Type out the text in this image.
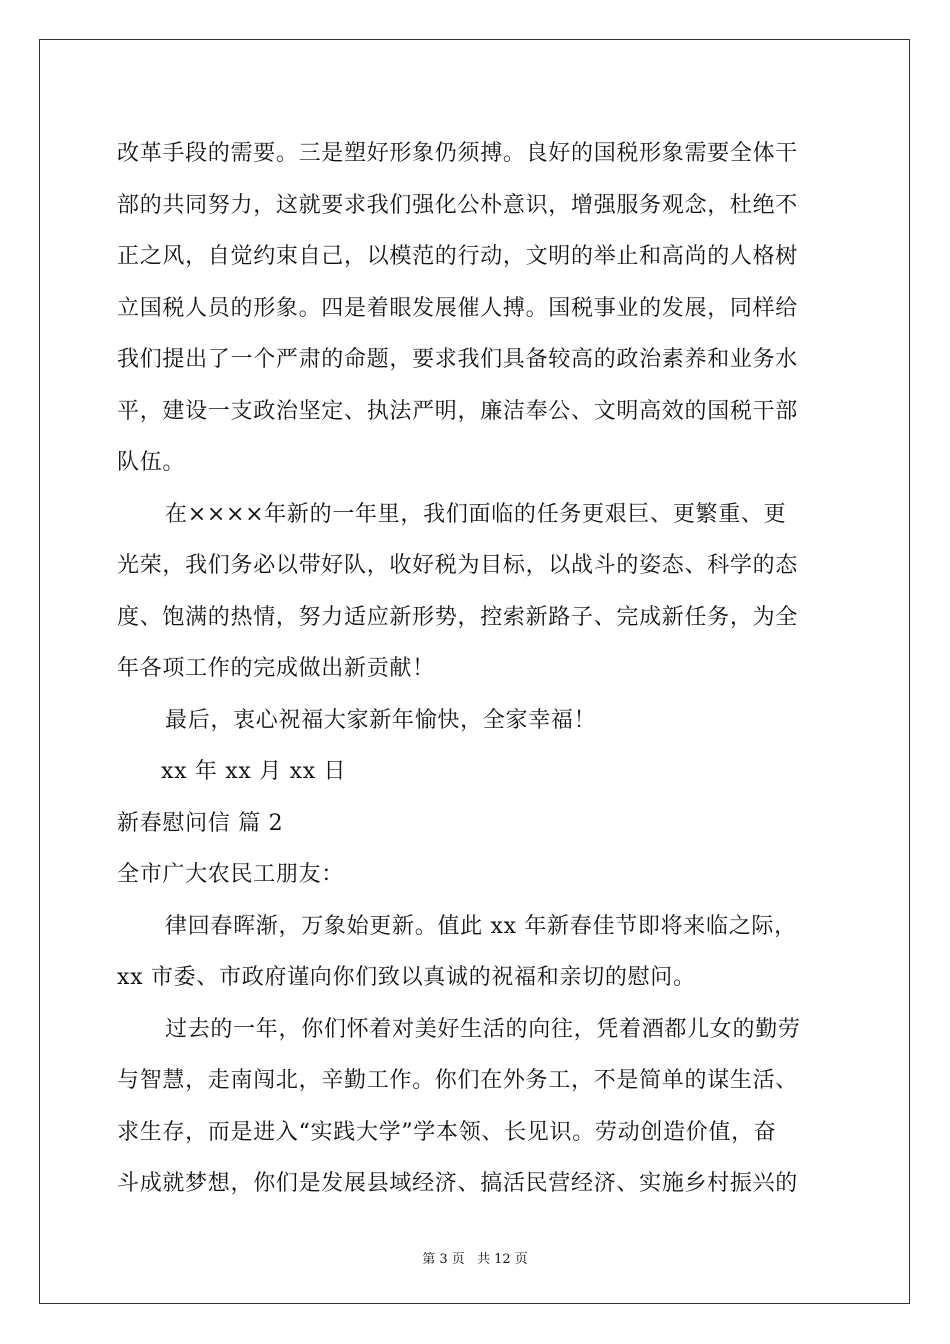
改革手段的需要。三是塑好形象仍须搏。良好的国税形象需要全体干
部的共同努力，这就要求我们强化公朴意识，增强服务观念，杜绝不
正之风，自觉约束自己，以模范的行动，文明的举止和高尚的人格树
立国税人员的形象。四是着眼发展催人搏。国税事业的发展，同样给
我们提出了一个严肃的命题，要求我们具备较高的政治素养和业务水
平，建设一支政治坚定、执法严明，廉洁奉公、文明高效的国税干部
队伍。
在××××年新的一年里，我们面临的任务更艰巨、更繁重、更
光荣，我们务必以带好队，收好税为目标，以战斗的姿态、科学的态
度、饱满的热情，努力适应新形势，控索新路子、完成新任务，为全
年各项工作的完成做出新贡献！
最后，衷心祝福大家新年愉快，全家幸福！
xx 年 xx 月 xx 日
新春慰问信 篇 2
全市广大农民工朋友：
律回春晖渐，万象始更新。值此 xx 年新春佳节即将来临之际，
xx 市委、市政府谨向你们致以真诚的祝福和亲切的慰问。
过去的一年，你们怀着对美好生活的向往，凭着酒都儿女的勤劳
与智慧，走南闯北，辛勤工作。你们在外务工，不是简单的谋生活、
求生存，而是进入“实践大学”学本领、长见识。劳动创造价值，奋
斗成就梦想，你们是发展县域经济、搞活民营经济、实施乡村振兴的
第 3 页 共 12 页
